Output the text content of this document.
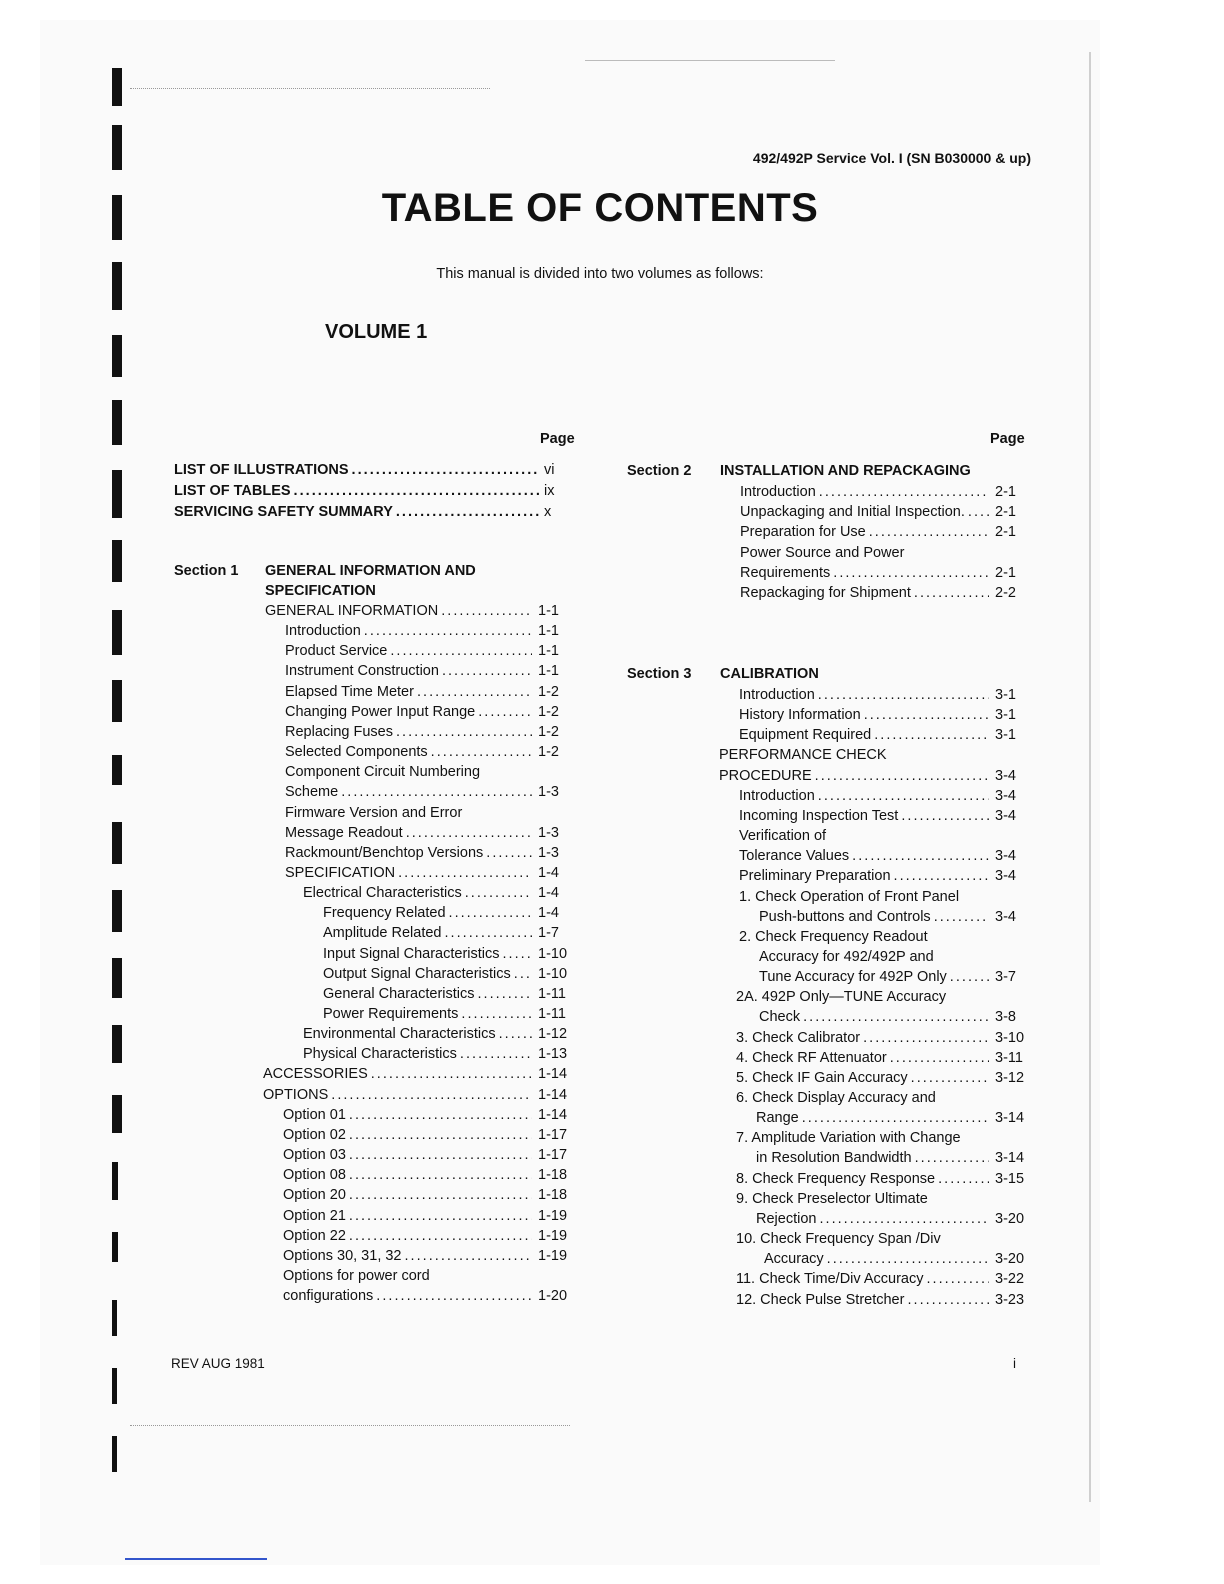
492/492P Service Vol. I (SN B030000 & up)
TABLE OF CONTENTS
This manual is divided into two volumes as follows:
VOLUME 1
Page	Page
LIST OF ILLUSTRATIONS . . .	vi
LIST OF TABLES . . .	ix
SERVICING SAFETY SUMMARY . . .	x
Section 1 GENERAL INFORMATION AND
SPECIFICATION
GENERAL INFORMATION . . .	1-1
Introduction . . .	1-1
Product Service . . .	1-1
Instrument Construction . . .	1-1
Elapsed Time Meter . . .	1-2
Changing Power Input Range . . .	1-2
Replacing Fuses . . .	1-2
Selected Components . . .	1-2
Component Circuit Numbering
Scheme . . .	1-3
Firmware Version and Error
Message Readout . . .	1-3
Rackmount/Benchtop Versions . . .	1-3
SPECIFICATION . . .	1-4
Electrical Characteristics . . .	1-4
Frequency Related . . .	1-4
Amplitude Related . . .	1-7
Input Signal Characteristics . . .	1-10
Output Signal Characteristics . . .	1-10
General Characteristics . . .	1-11
Power Requirements . . .	1-11
Environmental Characteristics . . .	1-12
Physical Characteristics . . .	1-13
ACCESSORIES . . .	1-14
OPTIONS . . .	1-14
Option 01 . . .	1-14
Option 02 . . .	1-17
Option 03 . . .	1-17
Option 08 . . .	1-18
Option 20 . . .	1-18
Option 21 . . .	1-19
Option 22 . . .	1-19
Options 30, 31, 32 . . .	1-19
Options for power cord
configurations . . .	1-20
Section 2 INSTALLATION AND REPACKAGING
Introduction . . .	2-1
Unpackaging and Initial Inspection. . . .	2-1
Preparation for Use . . .	2-1
Power Source and Power
Requirements . . .	2-1
Repackaging for Shipment . . .	2-2
Section 3 CALIBRATION
Introduction . . .	3-1
History Information . . .	3-1
Equipment Required . . .	3-1
PERFORMANCE CHECK
PROCEDURE . . .	3-4
Introduction . . .	3-4
Incoming Inspection Test . . .	3-4
Verification of
Tolerance Values . . .	3-4
Preliminary Preparation . . .	3-4
1. Check Operation of Front Panel
Push-buttons and Controls . . .	3-4
2. Check Frequency Readout
Accuracy for 492/492P and
Tune Accuracy for 492P Only . . .	3-7
2A. 492P Only—TUNE Accuracy
Check . . .	3-8
3. Check Calibrator . . .	3-10
4. Check RF Attenuator . . .	3-11
5. Check IF Gain Accuracy . . .	3-12
6. Check Display Accuracy and
Range . . .	3-14
7. Amplitude Variation with Change
in Resolution Bandwidth . . .	3-14
8. Check Frequency Response . . .	3-15
9. Check Preselector Ultimate
Rejection . . .	3-20
10. Check Frequency Span /Div
Accuracy . . .	3-20
11. Check Time/Div Accuracy . . .	3-22
12. Check Pulse Stretcher . . .	3-23
REV AUG 1981	i
